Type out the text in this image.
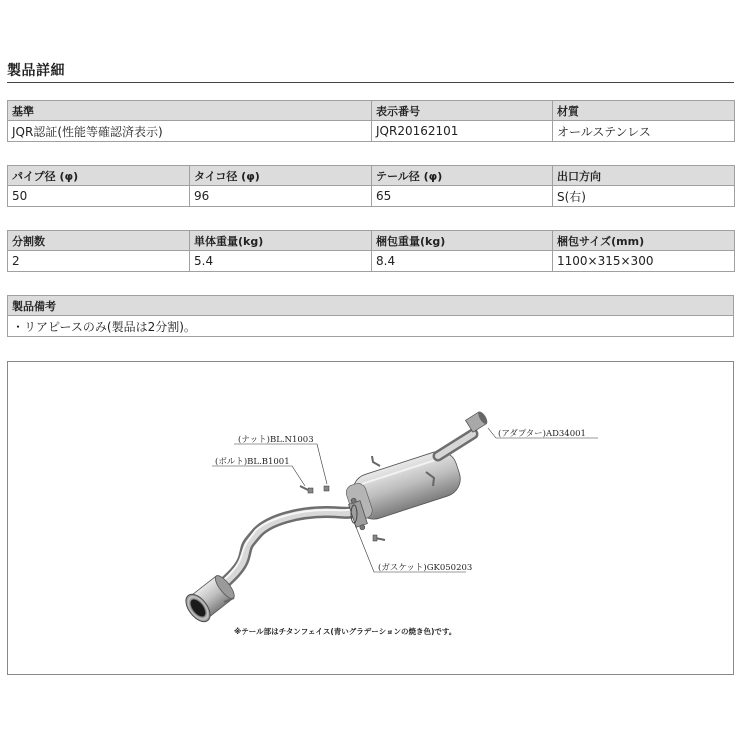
製品詳細
基準	表示番号	材質
JQR認証(性能等確認済表示)	JQR20162101	オールステンレス
パイプ径 (φ)	タイコ径 (φ)	テール径 (φ)	出口方向
50	96	65	S(右)
分割数	単体重量(kg)	梱包重量(kg)	梱包サイズ(mm)
2	5.4	8.4	1100×315×300
製品備考
・リアピースのみ(製品は2分割)。
(ナット)BL.N1003
(ボルト)BL.B1001
(アダプター)AD34001
(ガスケット)GK050203
※テール部はチタンフェイス(青いグラデーションの焼き色)です。
